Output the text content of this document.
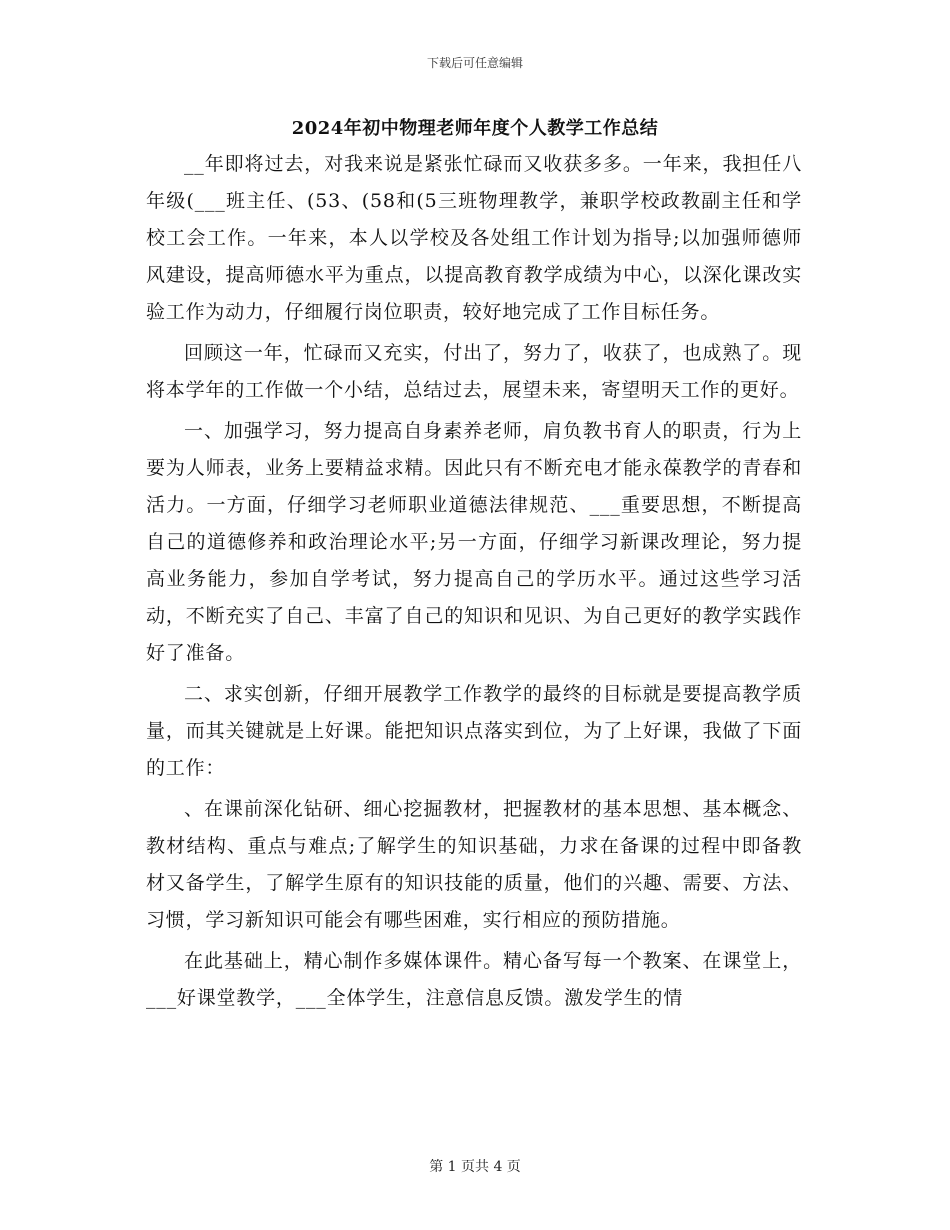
下载后可任意编辑
2024年初中物理老师年度个人教学工作总结

__年即将过去，对我来说是紧张忙碌而又收获多多。一年来，我担任八年级(___班主任、(53、(58和(5三班物理教学，兼职学校政教副主任和学校工会工作。一年来，本人以学校及各处组工作计划为指导;以加强师德师风建设，提高师德水平为重点，以提高教育教学成绩为中心，以深化课改实验工作为动力，仔细履行岗位职责，较好地完成了工作目标任务。

回顾这一年，忙碌而又充实，付出了，努力了，收获了，也成熟了。现将本学年的工作做一个小结，总结过去，展望未来，寄望明天工作的更好。

一、加强学习，努力提高自身素养老师，肩负教书育人的职责，行为上要为人师表，业务上要精益求精。因此只有不断充电才能永葆教学的青春和活力。一方面，仔细学习老师职业道德法律规范、___重要思想，不断提高自己的道德修养和政治理论水平;另一方面，仔细学习新课改理论，努力提高业务能力，参加自学考试，努力提高自己的学历水平。通过这些学习活动，不断充实了自己、丰富了自己的知识和见识、为自己更好的教学实践作好了准备。

二、求实创新，仔细开展教学工作教学的最终的目标就是要提高教学质量，而其关键就是上好课。能把知识点落实到位，为了上好课，我做了下面的工作：

、在课前深化钻研、细心挖掘教材，把握教材的基本思想、基本概念、教材结构、重点与难点;了解学生的知识基础，力求在备课的过程中即备教材又备学生，了解学生原有的知识技能的质量，他们的兴趣、需要、方法、习惯，学习新知识可能会有哪些困难，实行相应的预防措施。

在此基础上，精心制作多媒体课件。精心备写每一个教案、在课堂上，___好课堂教学，___全体学生，注意信息反馈。激发学生的情

第 1 页共 4 页
